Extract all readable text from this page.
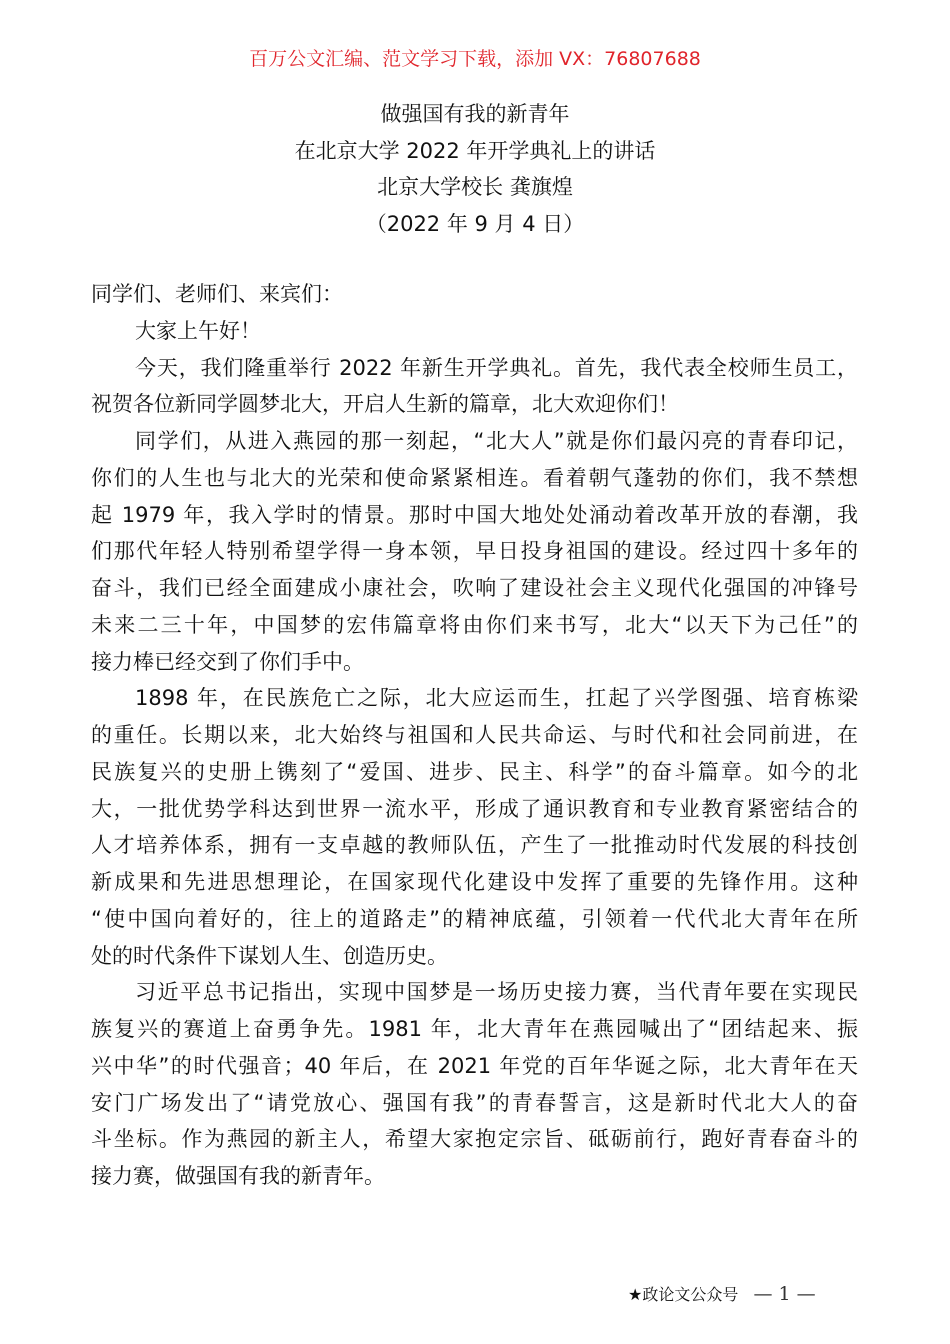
百万公文汇编、范文学习下载，添加 VX：76807688
做强国有我的新青年
在北京大学 2022 年开学典礼上的讲话
北京大学校长 龚旗煌
（2022 年 9 月 4 日）
同学们、老师们、来宾们：
大家上午好！
今天，我们隆重举行 2022 年新生开学典礼。首先，我代表全校师生员工，
祝贺各位新同学圆梦北大，开启人生新的篇章，北大欢迎你们！
同学们，从进入燕园的那一刻起，“北大人”就是你们最闪亮的青春印记，
你们的人生也与北大的光荣和使命紧紧相连。看着朝气蓬勃的你们，我不禁想
起 1979 年，我入学时的情景。那时中国大地处处涌动着改革开放的春潮，我
们那代年轻人特别希望学得一身本领，早日投身祖国的建设。经过四十多年的
奋斗，我们已经全面建成小康社会，吹响了建设社会主义现代化强国的冲锋号
未来二三十年，中国梦的宏伟篇章将由你们来书写，北大“以天下为己任”的
接力棒已经交到了你们手中。
1898 年，在民族危亡之际，北大应运而生，扛起了兴学图强、培育栋梁
的重任。长期以来，北大始终与祖国和人民共命运、与时代和社会同前进，在
民族复兴的史册上镌刻了“爱国、进步、民主、科学”的奋斗篇章。如今的北
大，一批优势学科达到世界一流水平，形成了通识教育和专业教育紧密结合的
人才培养体系，拥有一支卓越的教师队伍，产生了一批推动时代发展的科技创
新成果和先进思想理论，在国家现代化建设中发挥了重要的先锋作用。这种
“使中国向着好的，往上的道路走”的精神底蕴，引领着一代代北大青年在所
处的时代条件下谋划人生、创造历史。
习近平总书记指出，实现中国梦是一场历史接力赛，当代青年要在实现民
族复兴的赛道上奋勇争先。1981 年，北大青年在燕园喊出了“团结起来、振
兴中华”的时代强音；40 年后，在 2021 年党的百年华诞之际，北大青年在天
安门广场发出了“请党放心、强国有我”的青春誓言，这是新时代北大人的奋
斗坐标。作为燕园的新主人，希望大家抱定宗旨、砥砺前行，跑好青春奋斗的
接力赛，做强国有我的新青年。
★政论文公众号 — 1 —
